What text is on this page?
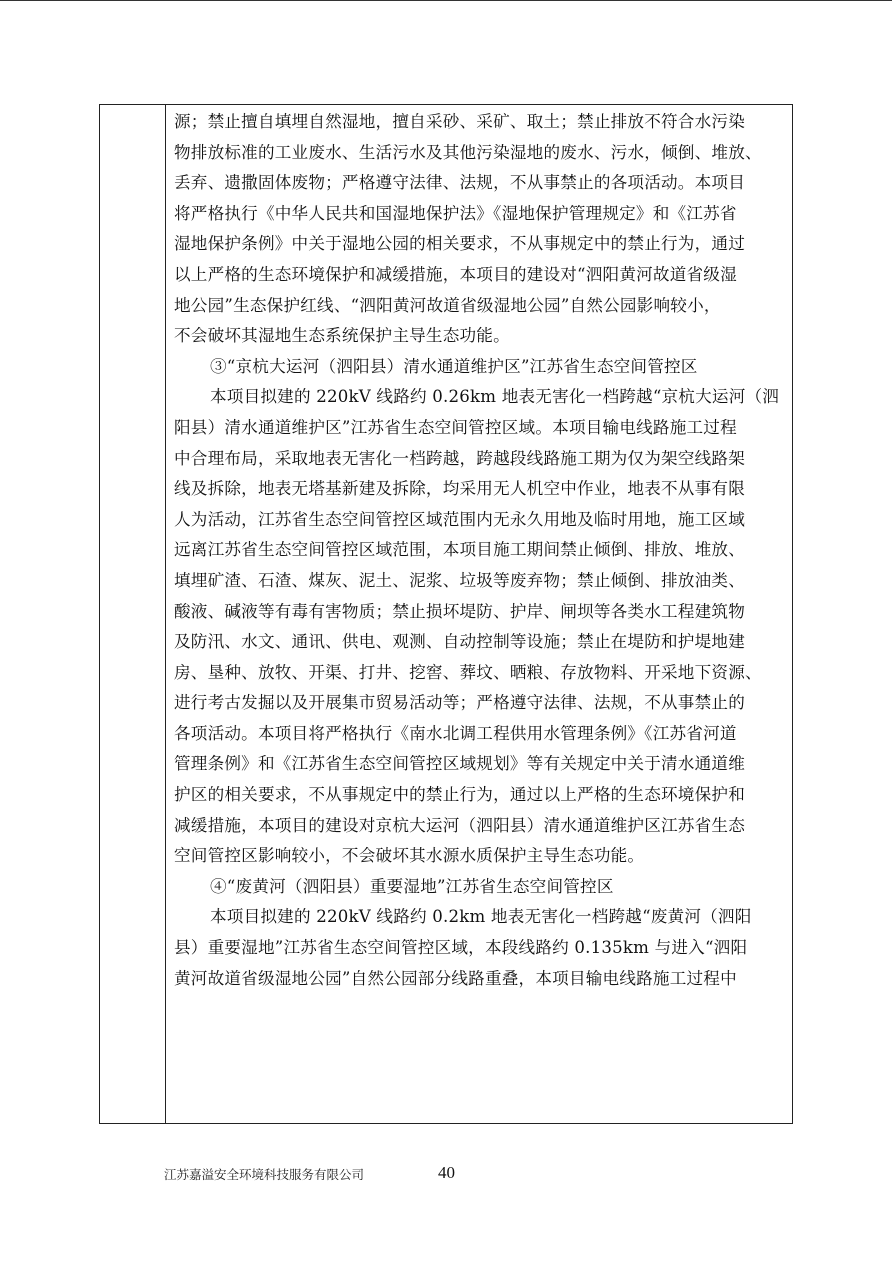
源；禁止擅自填埋自然湿地，擅自采砂、采矿、取土；禁止排放不符合水污染
物排放标准的工业废水、生活污水及其他污染湿地的废水、污水，倾倒、堆放、
丢弃、遗撒固体废物；严格遵守法律、法规，不从事禁止的各项活动。本项目
将严格执行《中华人民共和国湿地保护法》《湿地保护管理规定》和《江苏省
湿地保护条例》中关于湿地公园的相关要求，不从事规定中的禁止行为，通过
以上严格的生态环境保护和减缓措施，本项目的建设对“泗阳黄河故道省级湿
地公园”生态保护红线、“泗阳黄河故道省级湿地公园”自然公园影响较小，
不会破坏其湿地生态系统保护主导生态功能。
③“京杭大运河（泗阳县）清水通道维护区”江苏省生态空间管控区
本项目拟建的 220kV 线路约 0.26km 地表无害化一档跨越“京杭大运河（泗
阳县）清水通道维护区”江苏省生态空间管控区域。本项目输电线路施工过程
中合理布局，采取地表无害化一档跨越，跨越段线路施工期为仅为架空线路架
线及拆除，地表无塔基新建及拆除，均采用无人机空中作业，地表不从事有限
人为活动，江苏省生态空间管控区域范围内无永久用地及临时用地，施工区域
远离江苏省生态空间管控区域范围，本项目施工期间禁止倾倒、排放、堆放、
填埋矿渣、石渣、煤灰、泥土、泥浆、垃圾等废弃物；禁止倾倒、排放油类、
酸液、碱液等有毒有害物质；禁止损坏堤防、护岸、闸坝等各类水工程建筑物
及防汛、水文、通讯、供电、观测、自动控制等设施；禁止在堤防和护堤地建
房、垦种、放牧、开渠、打井、挖窖、葬坟、晒粮、存放物料、开采地下资源、
进行考古发掘以及开展集市贸易活动等；严格遵守法律、法规，不从事禁止的
各项活动。本项目将严格执行《南水北调工程供用水管理条例》《江苏省河道
管理条例》和《江苏省生态空间管控区域规划》等有关规定中关于清水通道维
护区的相关要求，不从事规定中的禁止行为，通过以上严格的生态环境保护和
减缓措施，本项目的建设对京杭大运河（泗阳县）清水通道维护区江苏省生态
空间管控区影响较小，不会破坏其水源水质保护主导生态功能。
④“废黄河（泗阳县）重要湿地”江苏省生态空间管控区
本项目拟建的 220kV 线路约 0.2km 地表无害化一档跨越“废黄河（泗阳
县）重要湿地”江苏省生态空间管控区域，本段线路约 0.135km 与进入“泗阳
黄河故道省级湿地公园”自然公园部分线路重叠，本项目输电线路施工过程中
江苏嘉溢安全环境科技服务有限公司	40
